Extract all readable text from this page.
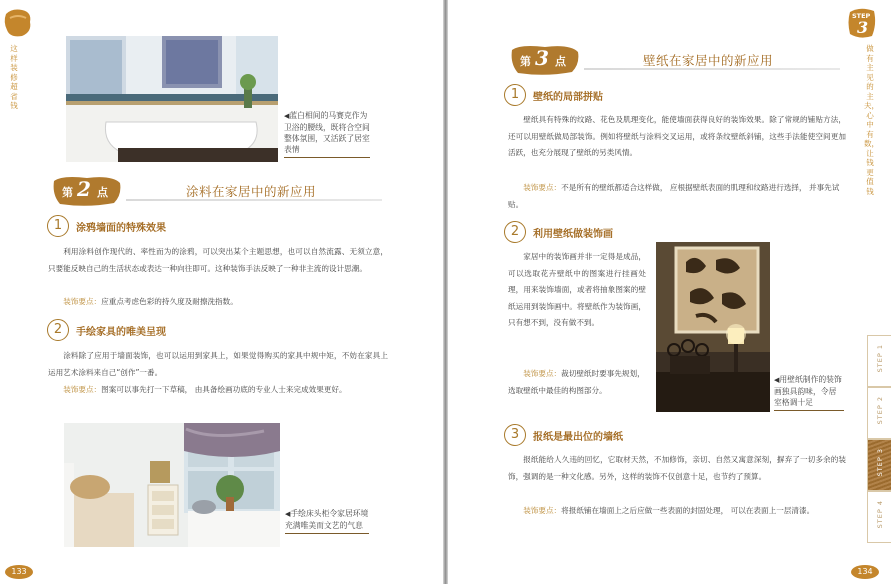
这样装修超省钱
◀蓝白相间的马赛克作为卫浴的腰线，既将合空间整体氛围，又活跃了居室表情
第 2 点	涂料在家居中的新应用
1	涂鸦墙面的特殊效果
利用涂料创作现代的、率性而为的涂鸦，可以突出某个主题思想，也可以自然流露、无须立意，只要能反映自己的生活状态或表达一种向往即可。这种装饰手法反映了一种非主流的设计思潮。
装饰要点：应重点考虑色彩的持久度及耐擦洗指数。
2	手绘家具的唯美呈现
涂料除了应用于墙面装饰，也可以运用到家具上，如果觉得购买的家具中规中矩，不妨在家具上运用艺术涂料来自己“创作”一番。
装饰要点：图案可以事先打一下草稿， 由具备绘画功底的专业人士来完成效果更好。
◀手绘床头柜令家居环境充满唯美而文艺的气息
133
STEP
3
做有主见的主夫，心中有数，让钱更值钱
第 3 点	壁纸在家居中的新应用
1	壁纸的局部拼贴
壁纸具有特殊的纹路、花色及肌理变化，能使墙面获得良好的装饰效果。除了常规的铺贴方法，还可以用壁纸做局部装饰。例如将壁纸与涂料交叉运用，或将条纹壁纸斜铺，这些手法能使空间更加活跃，也充分展现了壁纸的另类风情。
装饰要点：不是所有的壁纸都适合这样做， 应根据壁纸表面的肌理和纹路进行选择， 并事先试贴。
2	利用壁纸做装饰画
家居中的装饰画并非一定得是成品，可以选取花卉壁纸中的图案进行挂画处理，用来装饰墙面，或者将抽象图案的壁纸运用到装饰画中。将壁纸作为装饰画，只有想不到，没有做不到。
装饰要点：裁切壁纸时要事先规划， 选取壁纸中最佳的构图部分。
◀用壁纸制作的装饰画独具韵味，令居室格调十足
3	报纸是最出位的墙纸
报纸能给人久违的回忆，它取材天然，不加修饰，亲切、自然又寓意深刻，摒弃了一切多余的装饰，强调的是一种文化感。另外，这样的装饰不仅创意十足，也节约了预算。
装饰要点：将报纸铺在墙面上之后应做一些表面的封固处理， 可以在表面上一层清漆。
STEP 1
STEP 2
STEP 3
STEP 4
134
